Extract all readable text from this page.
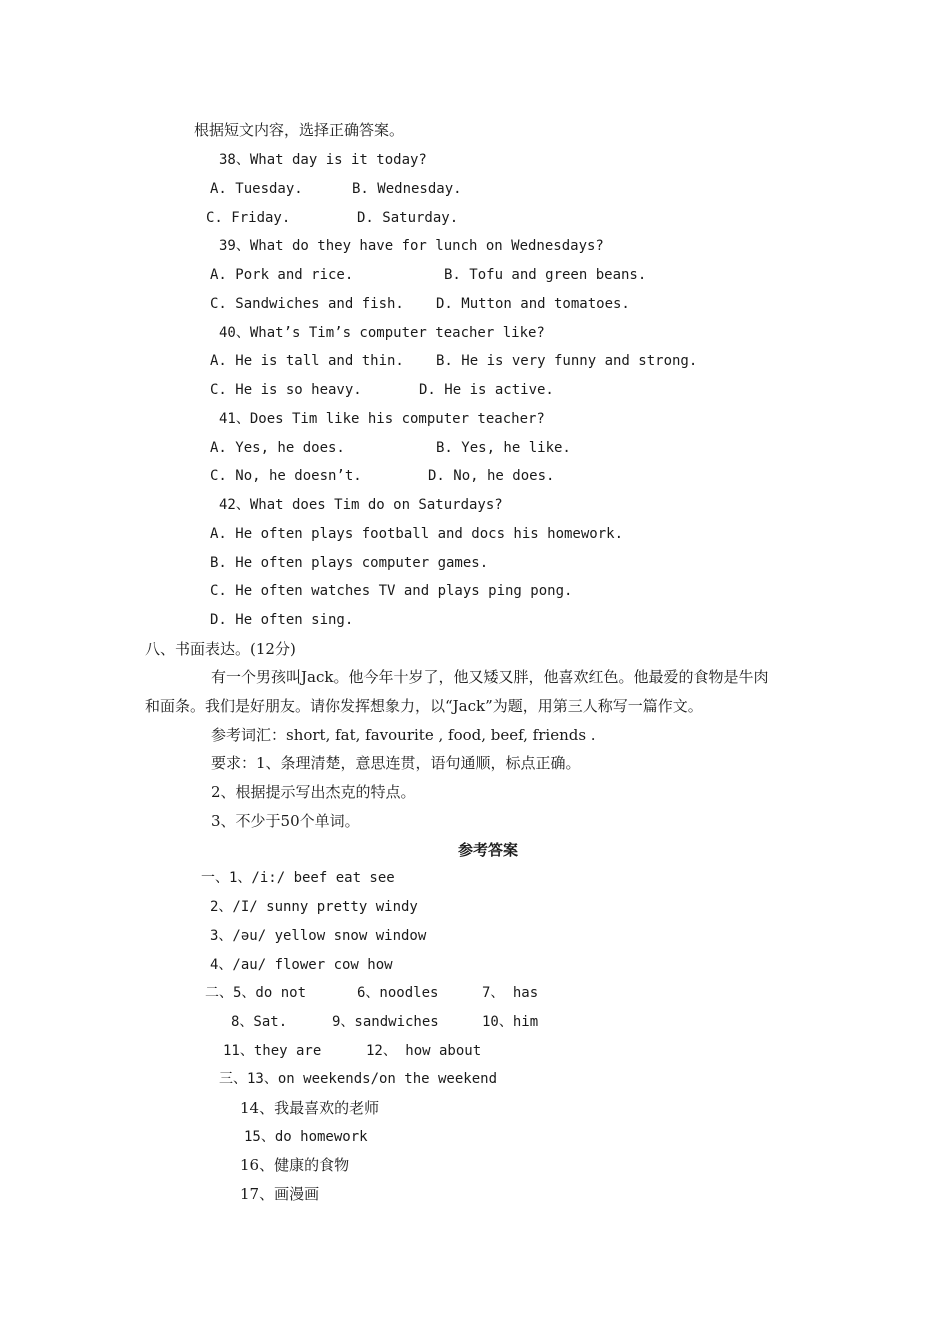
根据短文内容，选择正确答案。
38、What day is it today?
A. Tuesday.	B. Wednesday.
C. Friday.	D. Saturday.
39、What do they have for lunch on Wednesdays?
A. Pork and rice.	B. Tofu and green beans.
C. Sandwiches and fish. D. Mutton and tomatoes.
40、What’s Tim’s computer teacher like?
A. He is tall and thin. B. He is very funny and strong.
C. He is so heavy.	D. He is active.
41、Does Tim like his computer teacher?
A. Yes, he does.	B. Yes, he like.
C. No, he doesn’t.	D. No, he does.
42、What does Tim do on Saturdays?
A. He often plays football and docs his homework.
B. He often plays computer games.
C. He often watches TV and plays ping pong.
D. He often sing.
八、书面表达。(12分)
有一个男孩叫Jack。他今年十岁了，他又矮又胖，他喜欢红色。他最爱的食物是牛肉
和面条。我们是好朋友。请你发挥想象力，以“Jack”为题，用第三人称写一篇作文。
参考词汇：short, fat, favourite , food, beef, friends .
要求：1、条理清楚，意思连贯，语句通顺，标点正确。
2、根据提示写出杰克的特点。
3、不少于50个单词。
参考答案
一、1、/i:/ beef eat see
2、/I/ sunny pretty windy
3、/əu/ yellow snow window
4、/au/ flower cow how
二、5、do not	6、noodles	7、 has
8、Sat.	9、sandwiches	10、him
11、they are	12、 how about
三、13、on weekends/on the weekend
14、我最喜欢的老师
15、do homework
16、健康的食物
17、画漫画
